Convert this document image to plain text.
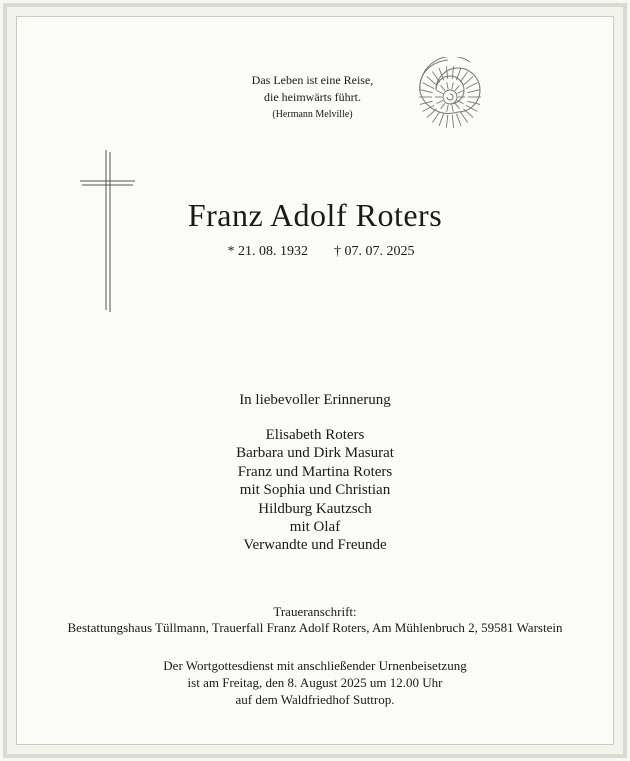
Das Leben ist eine Reise,
die heimwärts führt.
(Hermann Melville)
Franz Adolf Roters
* 21. 08. 1932 † 07. 07. 2025
In liebevoller Erinnerung
Elisabeth Roters
Barbara und Dirk Masurat
Franz und Martina Roters
mit Sophia und Christian
Hildburg Kautzsch
mit Olaf
Verwandte und Freunde
Traueranschrift:
Bestattungshaus Tüllmann, Trauerfall Franz Adolf Roters, Am Mühlenbruch 2, 59581 Warstein
Der Wortgottesdienst mit anschließender Urnenbeisetzung
ist am Freitag, den 8. August 2025 um 12.00 Uhr
auf dem Waldfriedhof Suttrop.
